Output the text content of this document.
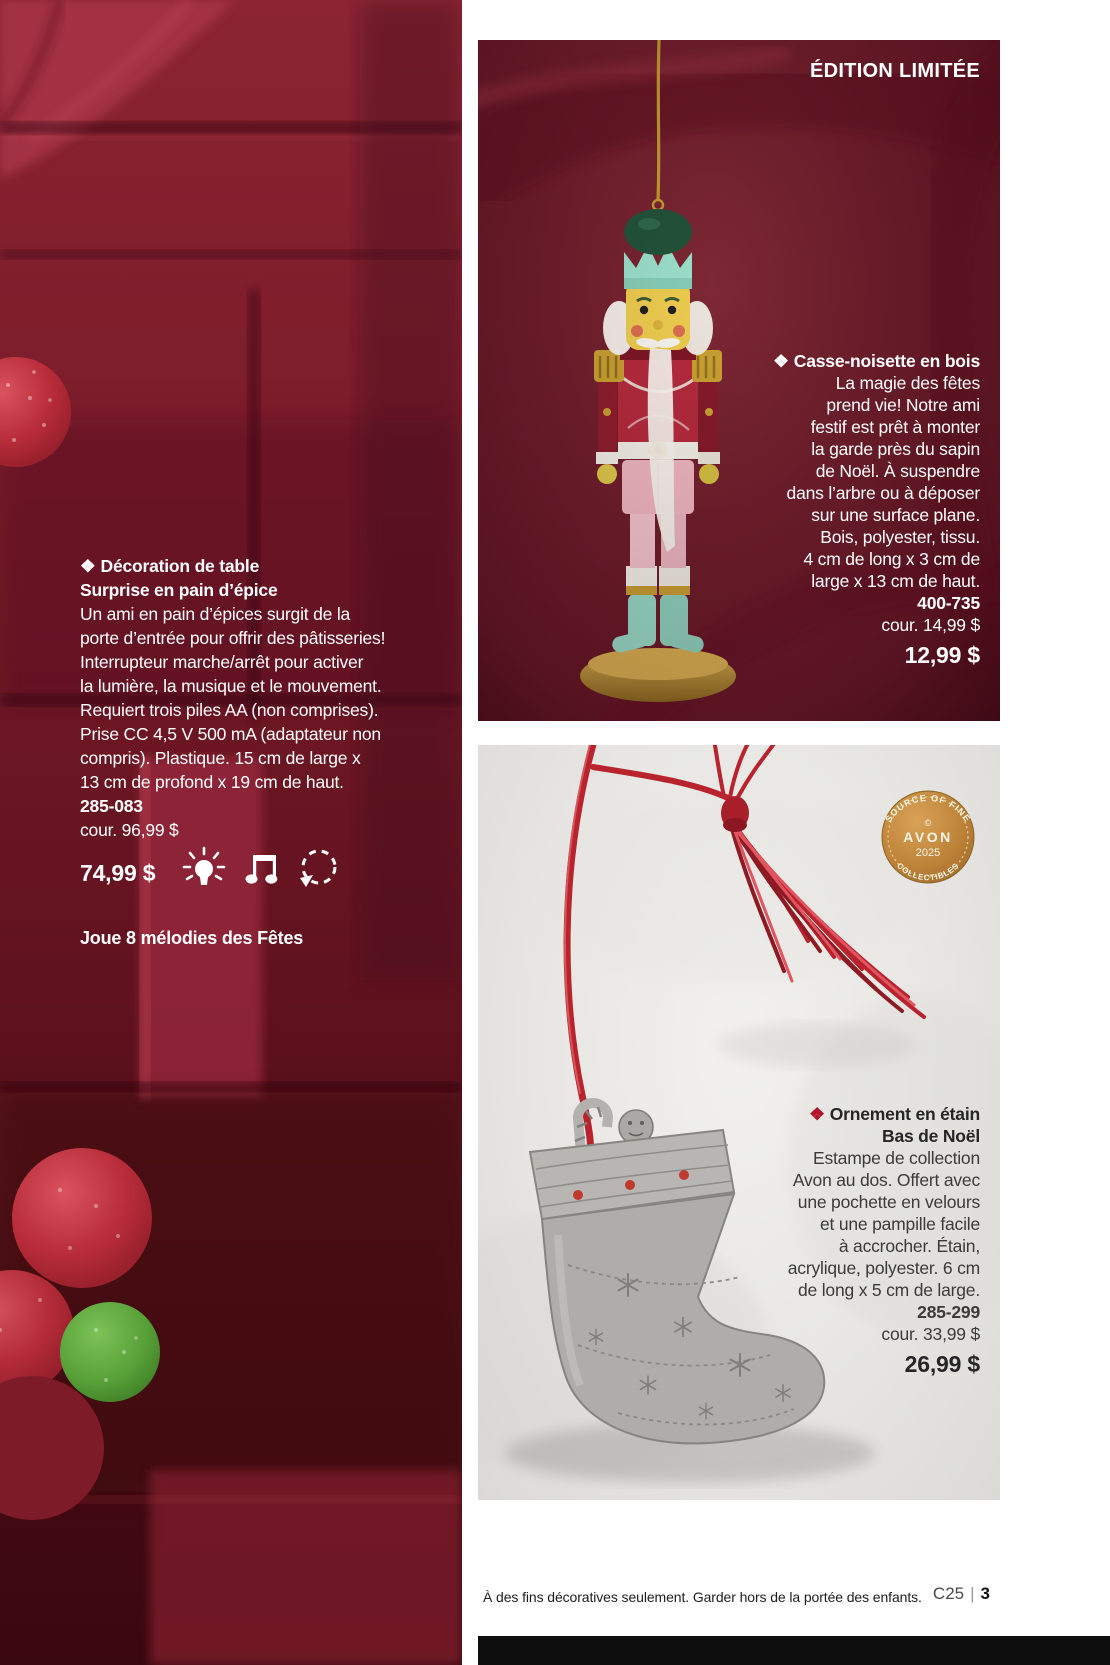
❖ Décoration de table
Surprise en pain d’épice
Un ami en pain d’épices surgit de la
porte d’entrée pour offrir des pâtisseries!
Interrupteur marche/arrêt pour activer
la lumière, la musique et le mouvement.
Requiert trois piles AA (non comprises).
Prise CC 4,5 V 500 mA (adaptateur non
compris). Plastique. 15 cm de large x
13 cm de profond x 19 cm de haut.
285-083
cour. 96,99 $
74,99 $
Joue 8 mélodies des Fêtes
ÉDITION LIMITÉE
❖ Casse-noisette en bois
La magie des fêtes
prend vie! Notre ami
festif est prêt à monter
la garde près du sapin
de Noël. À suspendre
dans l’arbre ou à déposer
sur une surface plane.
Bois, polyester, tissu.
4 cm de long x 3 cm de
large x 13 cm de haut.
400-735
cour. 14,99 $
12,99 $
SOURCE OF FINE
©
AVON
2025
COLLECTIBLES
❖ Ornement en étain
Bas de Noël
Estampe de collection
Avon au dos. Offert avec
une pochette en velours
et une pampille facile
à accrocher. Étain,
acrylique, polyester. 6 cm
de long x 5 cm de large.
285-299
cour. 33,99 $
26,99 $
À des fins décoratives seulement. Garder hors de la portée des enfants. C25 | 3
